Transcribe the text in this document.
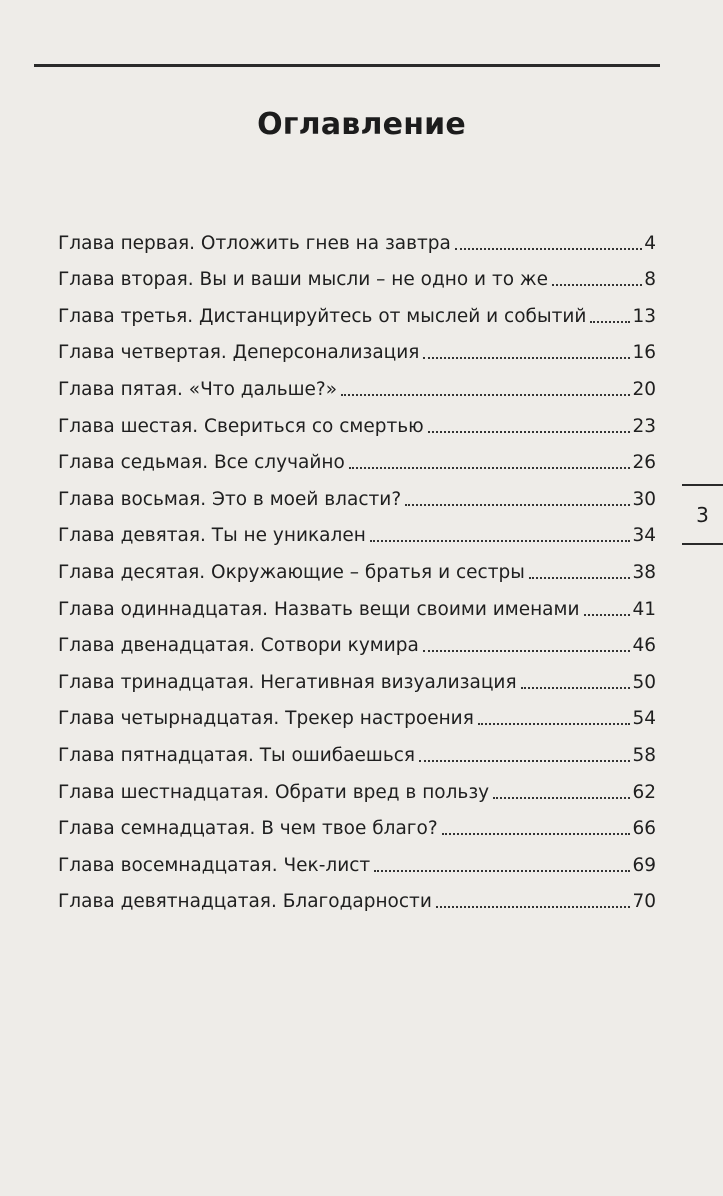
Оглавление
Глава первая. Отложить гнев на завтра	4
Глава вторая. Вы и ваши мысли – не одно и то же	8
Глава третья. Дистанцируйтесь от мыслей и событий 13
Глава четвертая. Деперсонализация	16
Глава пятая. «Что дальше?»	20
Глава шестая. Свериться со смертью	23
Глава седьмая. Все случайно	26
Глава восьмая. Это в моей власти?	30
Глава девятая. Ты не уникален	34
Глава десятая. Окружающие – братья и сестры	38
Глава одиннадцатая. Назвать вещи своими именами	41
Глава двенадцатая. Сотвори кумира	46
Глава тринадцатая. Негативная визуализация	50
Глава четырнадцатая. Трекер настроения	54
Глава пятнадцатая. Ты ошибаешься	58
Глава шестнадцатая. Обрати вред в пользу	62
Глава семнадцатая. В чем твое благо?	66
Глава восемнадцатая. Чек-лист	69
Глава девятнадцатая. Благодарности	70
3
